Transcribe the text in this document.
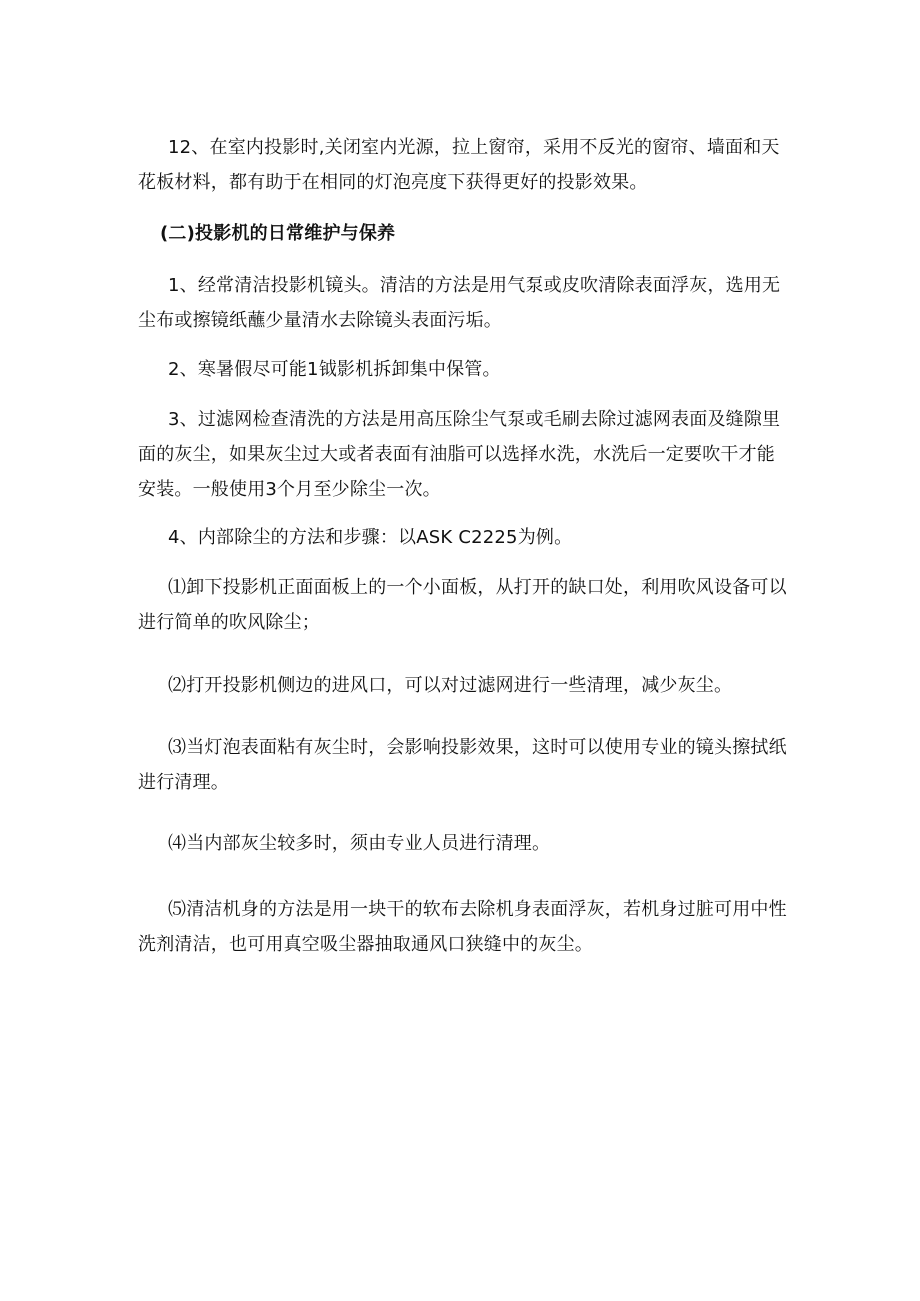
12、在室内投影时,关闭室内光源，拉上窗帘，采用不反光的窗帘、墙面和天花板材料，都有助于在相同的灯泡亮度下获得更好的投影效果。

(二)投影机的日常维护与保养

1、经常清洁投影机镜头。清洁的方法是用气泵或皮吹清除表面浮灰，选用无尘布或擦镜纸蘸少量清水去除镜头表面污垢。

2、寒暑假尽可能1钺影机拆卸集中保管。

3、过滤网检查清洗的方法是用高压除尘气泵或毛刷去除过滤网表面及缝隙里面的灰尘，如果灰尘过大或者表面有油脂可以选择水洗，水洗后一定要吹干才能安装。一般使用3个月至少除尘一次。

4、内部除尘的方法和步骤：以ASK C2225为例。

⑴卸下投影机正面面板上的一个小面板，从打开的缺口处，利用吹风设备可以进行简单的吹风除尘；

⑵打开投影机侧边的进风口，可以对过滤网进行一些清理，减少灰尘。

⑶当灯泡表面粘有灰尘时，会影响投影效果，这时可以使用专业的镜头擦拭纸进行清理。

⑷当内部灰尘较多时，须由专业人员进行清理。

⑸清洁机身的方法是用一块干的软布去除机身表面浮灰，若机身过脏可用中性洗剂清洁，也可用真空吸尘器抽取通风口狭缝中的灰尘。
